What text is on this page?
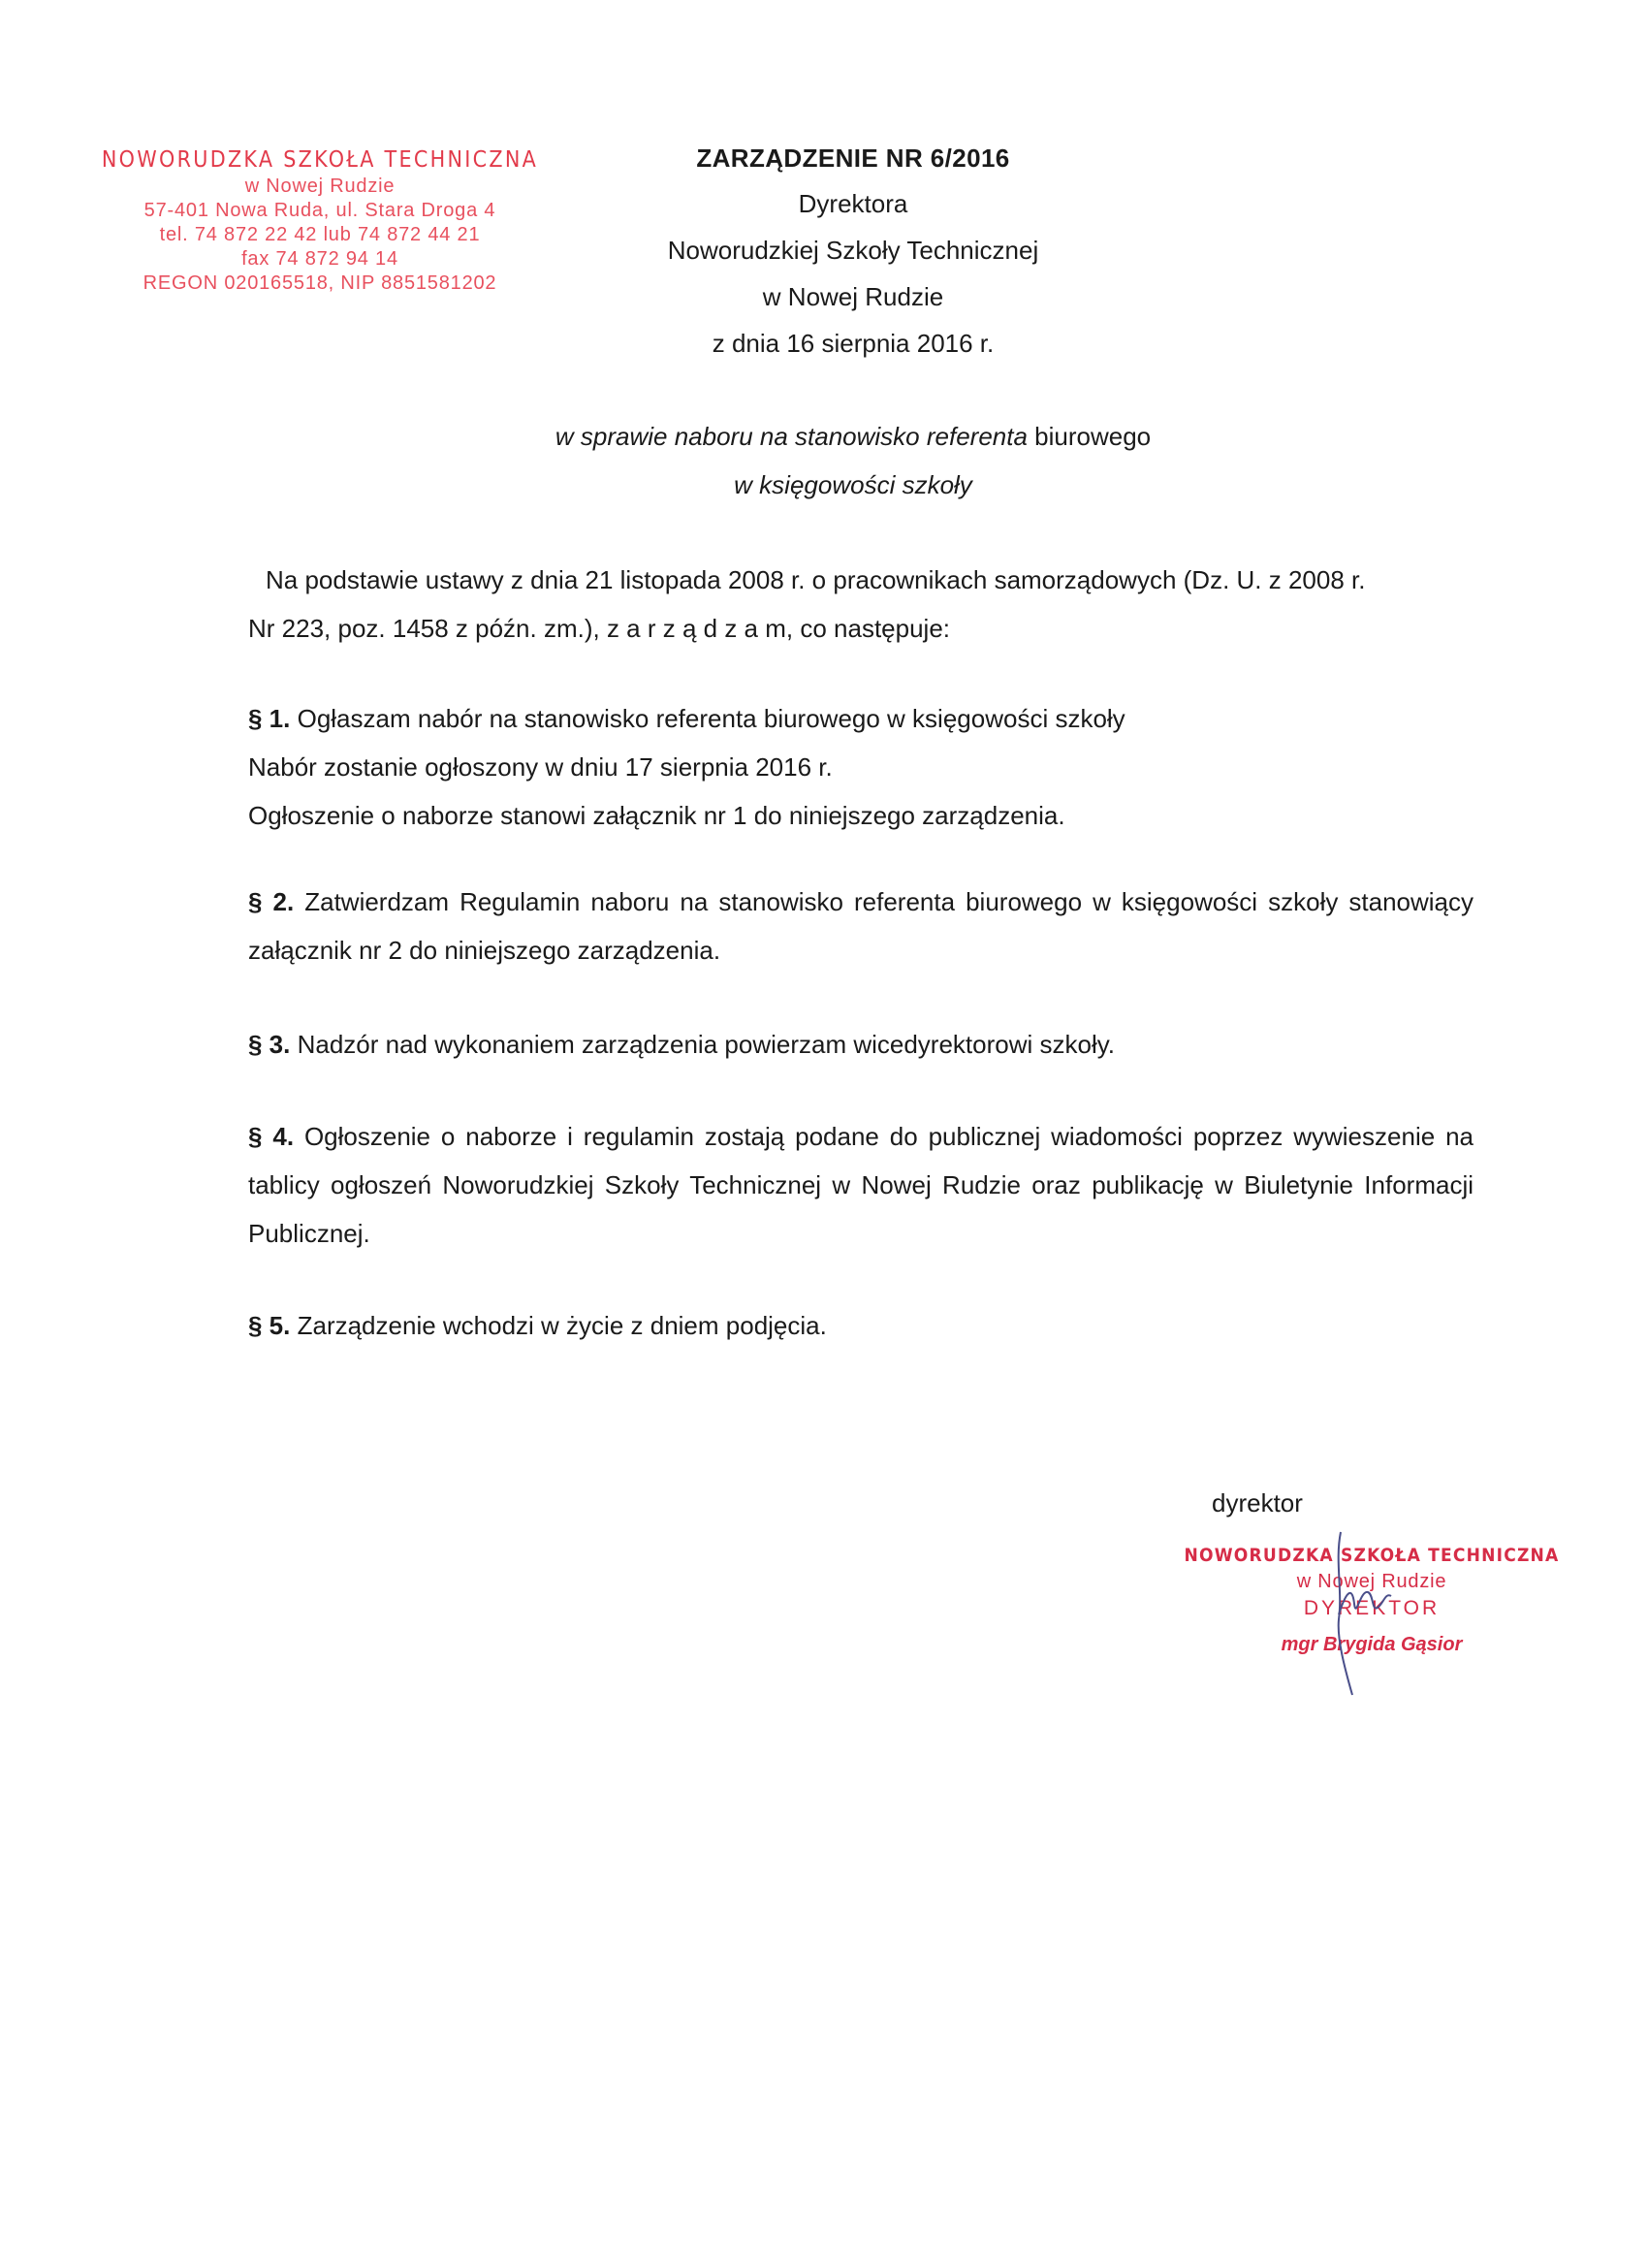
NOWORUDZKA SZKOŁA TECHNICZNA
w Nowej Rudzie
57-401 Nowa Ruda, ul. Stara Droga 4
tel. 74 872 22 42 lub 74 872 44 21
fax 74 872 94 14
REGON 020165518, NIP 8851581202
ZARZĄDZENIE NR 6/2016
Dyrektora
Noworudzkiej Szkoły Technicznej
w Nowej Rudzie
z dnia 16 sierpnia 2016 r.
w sprawie naboru na stanowisko referenta biurowego
w księgowości szkoły
Na podstawie ustawy z dnia 21 listopada 2008 r. o pracownikach samorządowych (Dz. U. z 2008 r.
Nr 223, poz. 1458 z późn. zm.), z a r z ą d z a m, co następuje:
§ 1. Ogłaszam nabór na stanowisko referenta biurowego w księgowości szkoły
Nabór zostanie ogłoszony w dniu 17 sierpnia 2016 r.
Ogłoszenie o naborze stanowi załącznik nr 1 do niniejszego zarządzenia.
§ 2. Zatwierdzam Regulamin naboru na stanowisko referenta biurowego w księgowości szkoły stanowiący załącznik nr 2 do niniejszego zarządzenia.
§ 3. Nadzór nad wykonaniem zarządzenia powierzam wicedyrektorowi szkoły.
§ 4. Ogłoszenie o naborze i regulamin zostają podane do publicznej wiadomości poprzez wywieszenie na tablicy ogłoszeń Noworudzkiej Szkoły Technicznej w Nowej Rudzie oraz publikację w Biuletynie Informacji Publicznej.
§ 5. Zarządzenie wchodzi w życie z dniem podjęcia.
dyrektor
NOWORUDZKA SZKOŁA TECHNICZNA
w Nowej Rudzie
DYREKTOR
mgr Brygida Gąsior
